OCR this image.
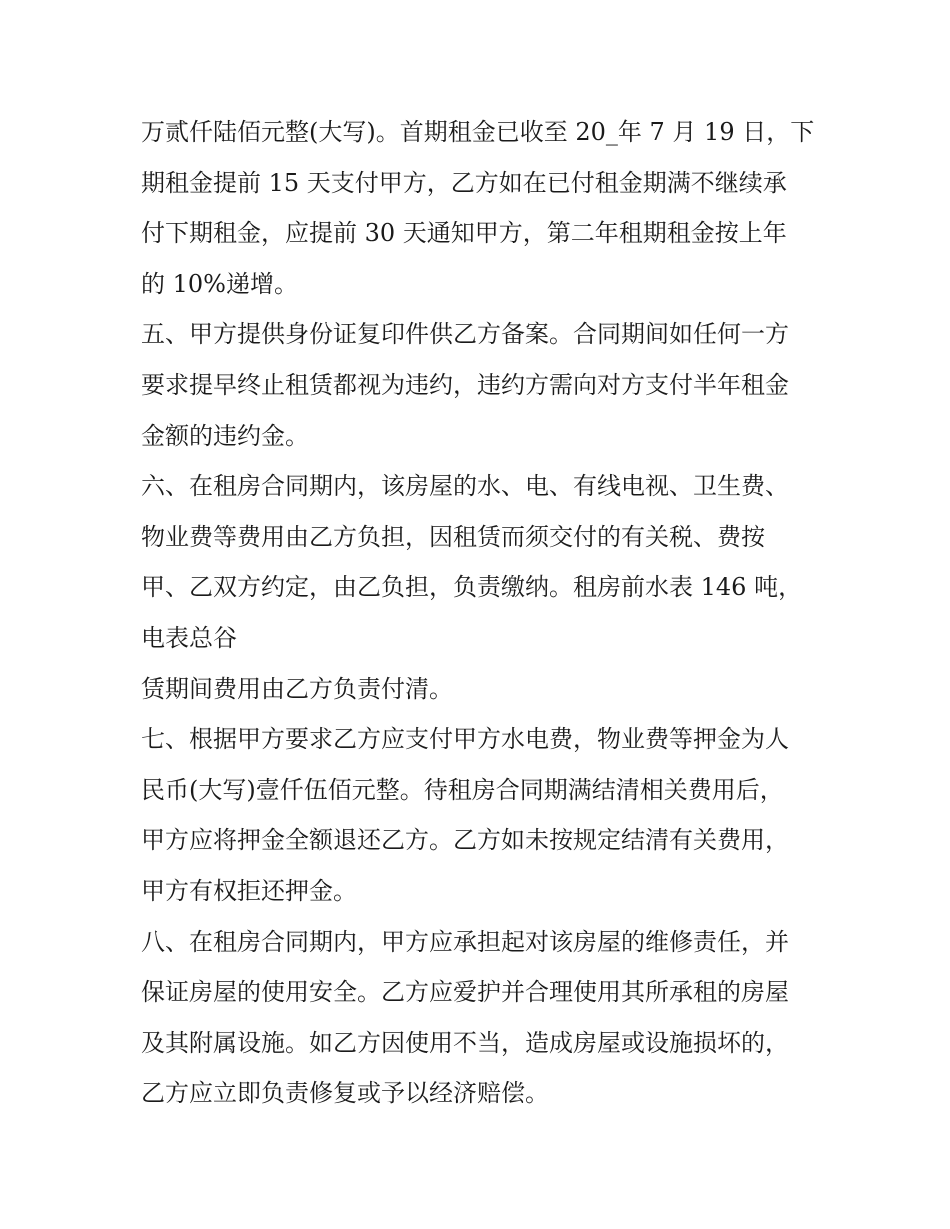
万贰仟陆佰元整(大写)。首期租金已收至 20_年 7 月 19 日，下
期租金提前 15 天支付甲方，乙方如在已付租金期满不继续承
付下期租金，应提前 30 天通知甲方，第二年租期租金按上年
的 10%递增。
五、甲方提供身份证复印件供乙方备案。合同期间如任何一方
要求提早终止租赁都视为违约，违约方需向对方支付半年租金
金额的违约金。
六、在租房合同期内，该房屋的水、电、有线电视、卫生费、
物业费等费用由乙方负担，因租赁而须交付的有关税、费按
甲、乙双方约定，由乙负担，负责缴纳。租房前水表 146 吨，
电表总谷
赁期间费用由乙方负责付清。
七、根据甲方要求乙方应支付甲方水电费，物业费等押金为人
民币(大写)壹仟伍佰元整。待租房合同期满结清相关费用后，
甲方应将押金全额退还乙方。乙方如未按规定结清有关费用，
甲方有权拒还押金。
八、在租房合同期内，甲方应承担起对该房屋的维修责任，并
保证房屋的使用安全。乙方应爱护并合理使用其所承租的房屋
及其附属设施。如乙方因使用不当，造成房屋或设施损坏的，
乙方应立即负责修复或予以经济赔偿。
